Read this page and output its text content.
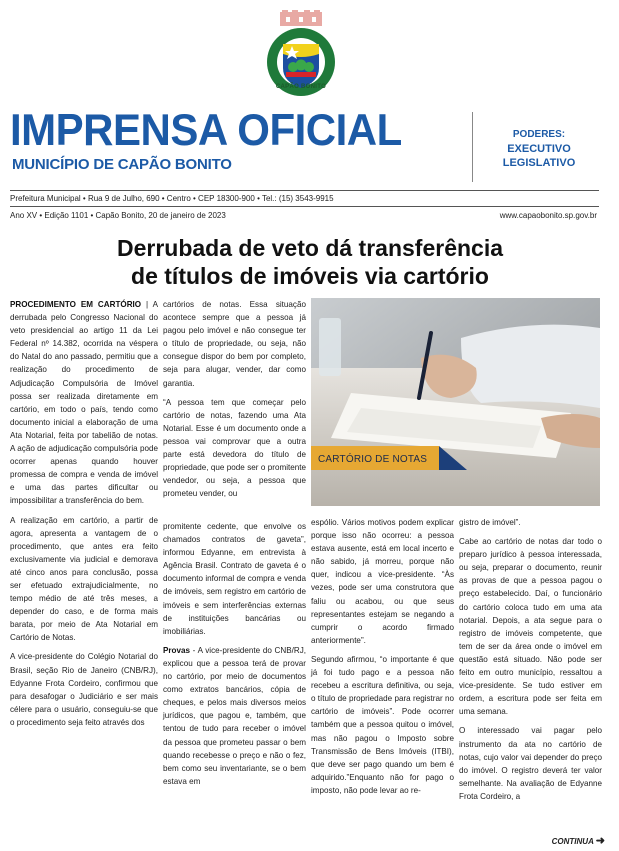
CAPÃO BONITO
IMPRENSA OFICIAL
MUNICÍPIO DE CAPÃO BONITO
PODERES:
EXECUTIVO
LEGISLATIVO
Prefeitura Municipal • Rua 9 de Julho, 690 • Centro • CEP 18300-900 • Tel.: (15) 3543-9915
Ano XV • Edição 1101 • Capão Bonito, 20 de janeiro de 2023	www.capaobonito.sp.gov.br
Derrubada de veto dá transferência
de títulos de imóveis via cartório

PROCEDIMENTO EM CARTÓRIO | A derrubada pelo Congresso Nacional do veto presidencial ao artigo 11 da Lei Federal nº 14.382, ocorrida na véspera do Natal do ano passado, permitiu que a realização do procedimento de Adjudicação Compulsória de Imóvel possa ser realizada diretamente em cartório, em todo o país, tendo como documento inicial a elaboração de uma Ata Notarial, feita por tabelião de notas. A ação de adjudicação compulsória pode ocorrer apenas quando houver promessa de compra e venda de imóvel e uma das partes dificultar ou impossibilitar a transferência do bem.

A realização em cartório, a partir de agora, apresenta a vantagem de o procedimento, que antes era feito exclusivamente via judicial e demorava até cinco anos para conclusão, possa ser efetuado extrajudicialmente, no tempo médio de até três meses, a depender do caso, e de forma mais barata, por meio de Ata Notarial em Cartório de Notas.

A vice-presidente do Colégio Notarial do Brasil, seção Rio de Janeiro (CNB/RJ), Edyanne Frota Cordeiro, confirmou que para desafogar o Judiciário e ser mais célere para o usuário, conseguiu-se que o procedimento seja feito através dos

cartórios de notas. Essa situação acontece sempre que a pessoa já pagou pelo imóvel e não consegue ter o título de propriedade, ou seja, não consegue dispor do bem por completo, seja para alugar, vender, dar como garantia.

“A pessoa tem que começar pelo cartório de notas, fazendo uma Ata Notarial. Esse é um documento onde a pessoa vai comprovar que a outra parte está devedora do título de propriedade, que pode ser o promitente vendedor, ou seja, a pessoa que prometeu vender, ou

CARTÓRIO DE NOTAS

promitente cedente, que envolve os chamados contratos de gaveta”, informou Edyanne, em entrevista à Agência Brasil. Contrato de gaveta é o documento informal de compra e venda de imóveis, sem registro em cartório de imóveis e sem interferências externas de instituições bancárias ou imobiliárias.

Provas - A vice-presidente do CNB/RJ, explicou que a pessoa terá de provar no cartório, por meio de documentos como extratos bancários, cópia de cheques, e pelos mais diversos meios jurídicos, que pagou e, também, que tentou de tudo para receber o imóvel da pessoa que prometeu passar o bem quando recebesse o preço e não o fez, bem como seu inventariante, se o bem estava em

espólio. Vários motivos podem explicar porque isso não ocorreu: a pessoa estava ausente, está em local incerto e não sabido, já morreu, porque não quer, indicou a vice-presidente. “Às vezes, pode ser uma construtora que faliu ou acabou, ou que seus representantes estejam se negando a cumprir o acordo firmado anteriormente”.

Segundo afirmou, “o importante é que já foi tudo pago e a pessoa não recebeu a escritura definitiva, ou seja, o título de propriedade para registrar no cartório de imóveis”. Pode ocorrer também que a pessoa quitou o imóvel, mas não pagou o Imposto sobre Transmissão de Bens Imóveis (ITBI), que deve ser pago quando um bem é adquirido.”Enquanto não for pago o imposto, não pode levar ao re-

gistro de imóvel”.

Cabe ao cartório de notas dar todo o preparo jurídico à pessoa interessada, ou seja, preparar o documento, reunir as provas de que a pessoa pagou o preço estabelecido. Daí, o funcionário do cartório coloca tudo em uma ata notarial. Depois, a ata segue para o registro de imóveis competente, que tem de ser da área onde o imóvel em questão está situado. Não pode ser feito em outro município, ressaltou a vice-presidente. Se tudo estiver em ordem, a escritura pode ser feita em uma semana.

O interessado vai pagar pelo instrumento da ata no cartório de notas, cujo valor vai depender do preço do imóvel. O registro deverá ter valor semelhante. Na avaliação de Edyanne Frota Cordeiro, a

CONTINUA ➜
